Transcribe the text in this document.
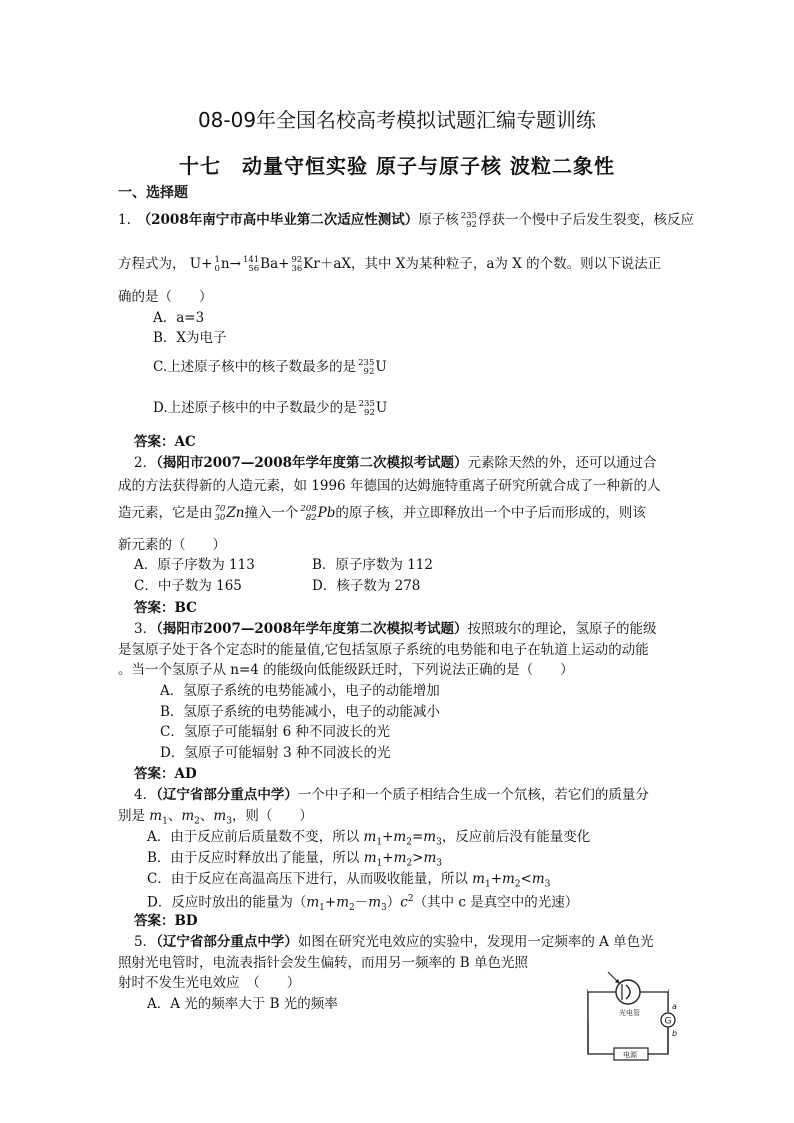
08-09年全国名校高考模拟试题汇编专题训练
十七　动量守恒实验 原子与原子核 波粒二象性
一、选择题
1.　 （2008年南宁市高中毕业第二次适应性测试）原子核 235
92 俘获一个慢中子后发生裂变，核反应
方程式为， U+ 1
0 n→ 141
56 Ba+ 92
36 Kr＋aX，其中 X为某种粒子，a为 X 的个数。则以下说法正
确的是（　　）
A．a=3
B．X为电子
C.上述原子核中的核子数最多的是 235
92 U
D.上述原子核中的中子数最少的是 235
92 U
答案：AC
2．（揭阳市2007—2008年学年度第二次模拟考试题）元素除天然的外，还可以通过合
成的方法获得新的人造元素，如 1996 年德国的达姆施特重离子研究所就合成了一种新的人
造元素，它是由 70
30 Zn撞入一个 208
82 Pb的原子核，并立即释放出一个中子后而形成的，则该
新元素的（　　）
A．原子序数为 113	B．原子序数为 112
C．中子数为 165	D．核子数为 278
答案：BC
3．（揭阳市2007—2008年学年度第二次模拟考试题）按照玻尔的理论，氢原子的能级
是氢原子处于各个定态时的能量值,它包括氢原子系统的电势能和电子在轨道上运动的动能
。当一个氢原子从 n=4 的能级向低能级跃迁时，下列说法正确的是（　　）
A．氢原子系统的电势能减小，电子的动能增加
B．氢原子系统的电势能减小，电子的动能减小
C．氢原子可能辐射 6 种不同波长的光
D．氢原子可能辐射 3 种不同波长的光
答案：AD
4．（辽宁省部分重点中学）一个中子和一个质子相结合生成一个氘核，若它们的质量分
别是 $m_1$、$m_2$、$m_3$，则（　　）
A．由于反应前后质量数不变，所以 $m_1+m_2=m_3$，反应前后没有能量变化
B．由于反应时释放出了能量，所以 $m_1+m_2>m_3$
C．由于反应在高温高压下进行，从而吸收能量，所以 $m_1+m_2<m_3$
D．反应时放出的能量为$(m_1+m_2-m_3)c^2$（其中 c 是真空中的光速）
答案：BD
5．（辽宁省部分重点中学）如图在研究光电效应的实验中，发现用一定频率的 A 单色光
照射光电管时，电流表指针会发生偏转，而用另一频率的 B 单色光照
射时不发生光电效应　（　　）
A．A 光的频率大于 B 光的频率
光电管
G
a
b
电源
